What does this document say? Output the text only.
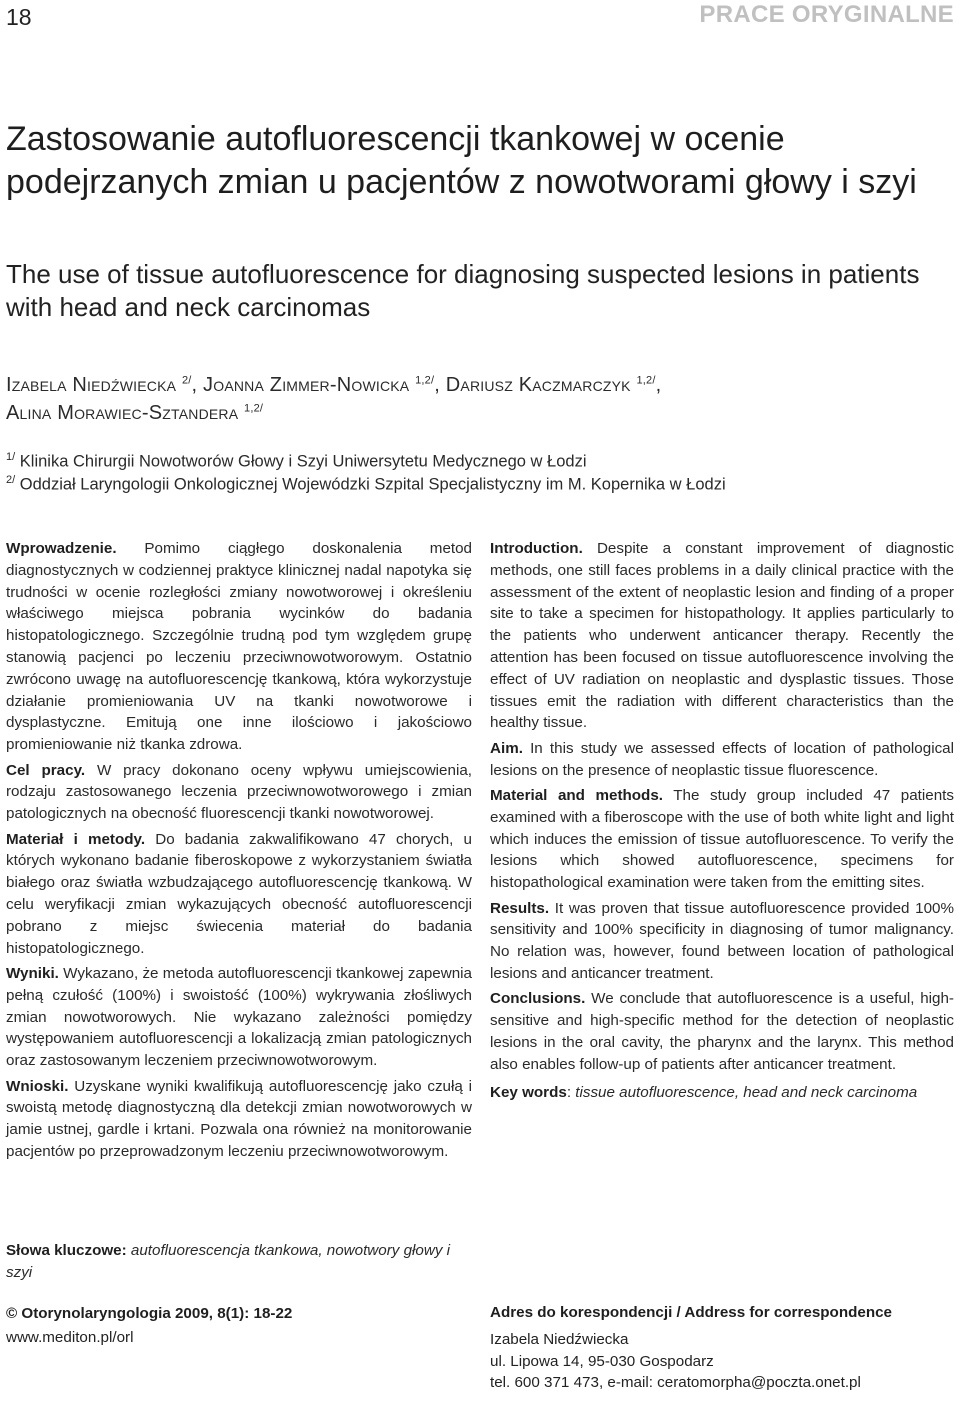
18	PRACE ORYGINALNE
Zastosowanie autofluorescencji tkankowej w ocenie podejrzanych zmian u pacjentów z nowotworami głowy i szyi
The use of tissue autofluorescence for diagnosing suspected lesions in patients with head and neck carcinomas
Izabela Niedźwiecka $^{2/}$, Joanna Zimmer-Nowicka $^{1,2/}$, Dariusz Kaczmarczyk $^{1,2/}$,
Alina Morawiec-Sztandera $^{1,2/}$
$^{1/}$ Klinika Chirurgii Nowotworów Głowy i Szyi Uniwersytetu Medycznego w Łodzi
$^{2/}$ Oddział Laryngologii Onkologicznej Wojewódzki Szpital Specjalistyczny im M. Kopernika w Łodzi

Wprowadzenie. Pomimo ciągłego doskonalenia metod diagnostycznych w codziennej praktyce klinicznej nadal napotyka się trudności w ocenie rozległości zmiany nowotworowej i określeniu właściwego miejsca pobrania wycinków do badania histopatologicznego. Szczególnie trudną pod tym względem grupę stanowią pacjenci po leczeniu przeciwnowotworowym. Ostatnio zwrócono uwagę na autofluorescencję tkankową, która wykorzystuje działanie promieniowania UV na tkanki nowotworowe i dysplastyczne. Emitują one inne ilościowo i jakościowo promieniowanie niż tkanka zdrowa.

Cel pracy. W pracy dokonano oceny wpływu umiejscowienia, rodzaju zastosowanego leczenia przeciwnowotworowego i zmian patologicznych na obecność fluorescencji tkanki nowotworowej.

Materiał i metody. Do badania zakwalifikowano 47 chorych, u których wykonano badanie fiberoskopowe z wykorzystaniem światła białego oraz światła wzbudzającego autofluorescencję tkankową. W celu weryfikacji zmian wykazujących obecność autofluorescencji pobrano z miejsc świecenia materiał do badania histopatologicznego.

Wyniki. Wykazano, że metoda autofluorescencji tkankowej zapewnia pełną czułość (100%) i swoistość (100%) wykrywania złośliwych zmian nowotworowych. Nie wykazano zależności pomiędzy występowaniem autofluorescencji a lokalizacją zmian patologicznych oraz zastosowanym leczeniem przeciwnowotworowym.

Wnioski. Uzyskane wyniki kwalifikują autofluorescencję jako czułą i swoistą metodę diagnostyczną dla detekcji zmian nowotworowych w jamie ustnej, gardle i krtani. Pozwala ona również na monitorowanie pacjentów po przeprowadzonym leczeniu przeciwnowotworowym.

Słowa kluczowe: autofluorescencja tkankowa, nowotwory głowy i szyi

Introduction. Despite a constant improvement of diagnostic methods, one still faces problems in a daily clinical practice with the assessment of the extent of neoplastic lesion and finding of a proper site to take a specimen for histopathology. It applies particularly to the patients who underwent anticancer therapy. Recently the attention has been focused on tissue autofluorescence involving the effect of UV radiation on neoplastic and dysplastic tissues. Those tissues emit the radiation with different characteristics than the healthy tissue.

Aim. In this study we assessed effects of location of pathological lesions on the presence of neoplastic tissue fluorescence.

Material and methods. The study group included 47 patients examined with a fiberoscope with the use of both white light and light which induces the emission of tissue autofluorescence. To verify the lesions which showed autofluorescence, specimens for histopathological examination were taken from the emitting sites.

Results. It was proven that tissue autofluorescence provided 100% sensitivity and 100% specificity in diagnosing of tumor malignancy. No relation was, however, found between location of pathological lesions and anticancer treatment.

Conclusions. We conclude that autofluorescence is a useful, high-sensitive and high-specific method for the detection of neoplastic lesions in the oral cavity, the pharynx and the larynx. This method also enables follow-up of patients after anticancer treatment.

Key words: tissue autofluorescence, head and neck carcinoma

© Otorynolaryngologia 2009, 8(1): 18-22
www.mediton.pl/orl
Adres do korespondencji / Address for correspondence
Izabela Niedźwiecka
ul. Lipowa 14, 95-030 Gospodarz
tel. 600 371 473, e-mail: ceratomorpha@poczta.onet.pl
